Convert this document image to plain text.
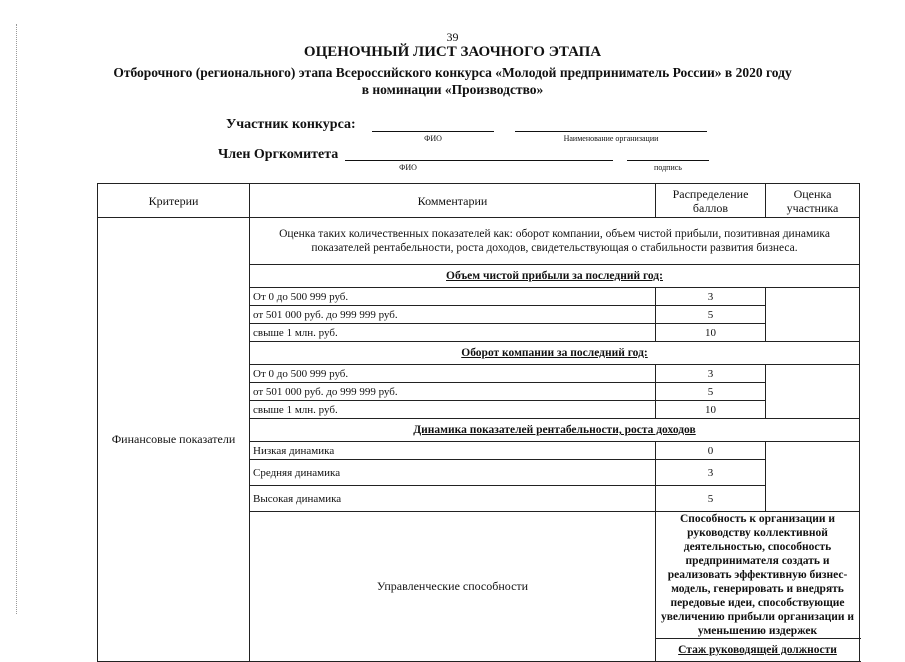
39
ОЦЕНОЧНЫЙ ЛИСТ ЗАОЧНОГО ЭТАПА
Отборочного (регионального) этапа Всероссийского конкурса «Молодой предприниматель России» в 2020 году
в номинации «Производство»
Участник конкурса:
ФИО	Наименование организации
Член Оргкомитета
ФИО	подпись
Критерии	Комментарии	Распределение баллов	Оценка участника
Финансовые показатели	Оценка таких количественных показателей как: оборот компании, объем чистой прибыли, позитивная динамика показателей рентабельности, роста доходов, свидетельствующая о стабильности развития бизнеса.		
	Объем чистой прибыли за последний год:		
	От 0 до 500 999 руб.	3	
	от 501 000 руб. до 999 999 руб.	5	
	свыше 1 млн. руб.	10	
	Оборот компании за последний год:		
	От 0 до 500 999 руб.	3	
	от 501 000 руб. до 999 999 руб.	5	
	свыше 1 млн. руб.	10	
	Динамика показателей рентабельности, роста доходов		
	Низкая динамика	0	
	Средняя динамика	3	
	Высокая динамика	5	
	Управленческие способности	Способность к организации и руководству коллективной деятельностью, способность предпринимателя создать и реализовать эффективную бизнес-модель, генерировать и внедрять передовые идеи, способствующие увеличению прибыли организации и уменьшению издержек	
		Стаж руководящей должности	
